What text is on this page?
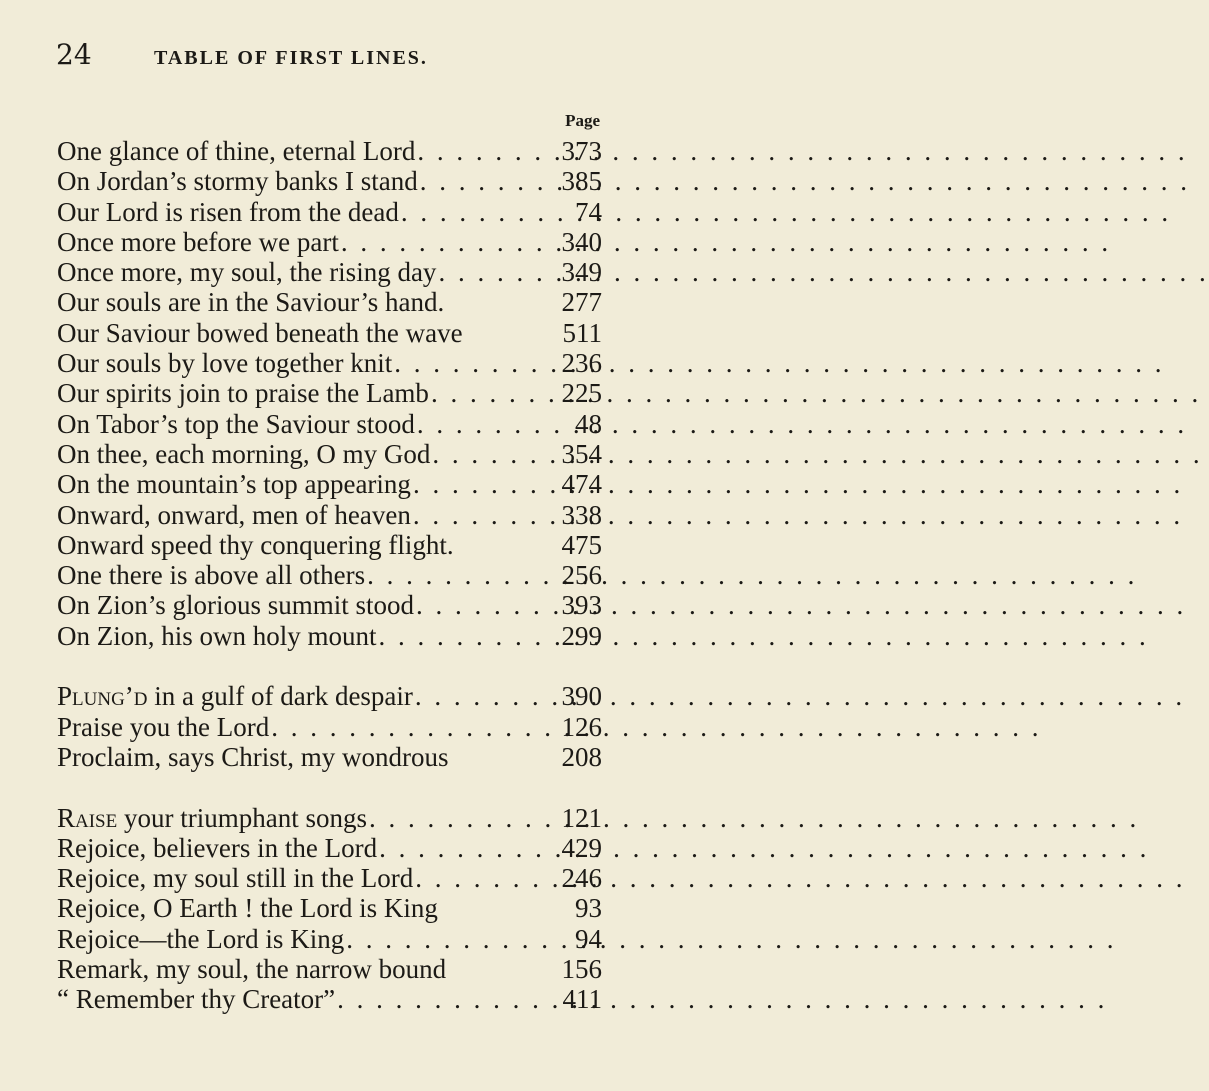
24	TABLE OF FIRST LINES.
Page
One glance of thine, eternal Lord . . .	373
On Jordan’s stormy banks I stand . . .	385
Our Lord is risen from the dead . . .	74
Once more before we part . . .	340
Once more, my soul, the rising day . . .	349
Our souls are in the Saviour’s hand.	277
Our Saviour bowed beneath the wave	511
Our souls by love together knit . . .	236
Our spirits join to praise the Lamb . . .	225
On Tabor’s top the Saviour stood . . .	48
On thee, each morning, O my God . . .	354
On the mountain’s top appearing . . .	474
Onward, onward, men of heaven . . .	338
Onward speed thy conquering flight.	475
One there is above all others . . .	256
On Zion’s glorious summit stood . . .	393
On Zion, his own holy mount . . .	299
Plung’d in a gulf of dark despair . . .	390
Praise you the Lord . . .	126
Proclaim, says Christ, my wondrous	208
Raise your triumphant songs . . .	121
Rejoice, believers in the Lord . . .	429
Rejoice, my soul still in the Lord . . .	246
Rejoice, O Earth ! the Lord is King	93
Rejoice—the Lord is King . . .	94
Remark, my soul, the narrow bound	156
“ Remember thy Creator” . . .	411
